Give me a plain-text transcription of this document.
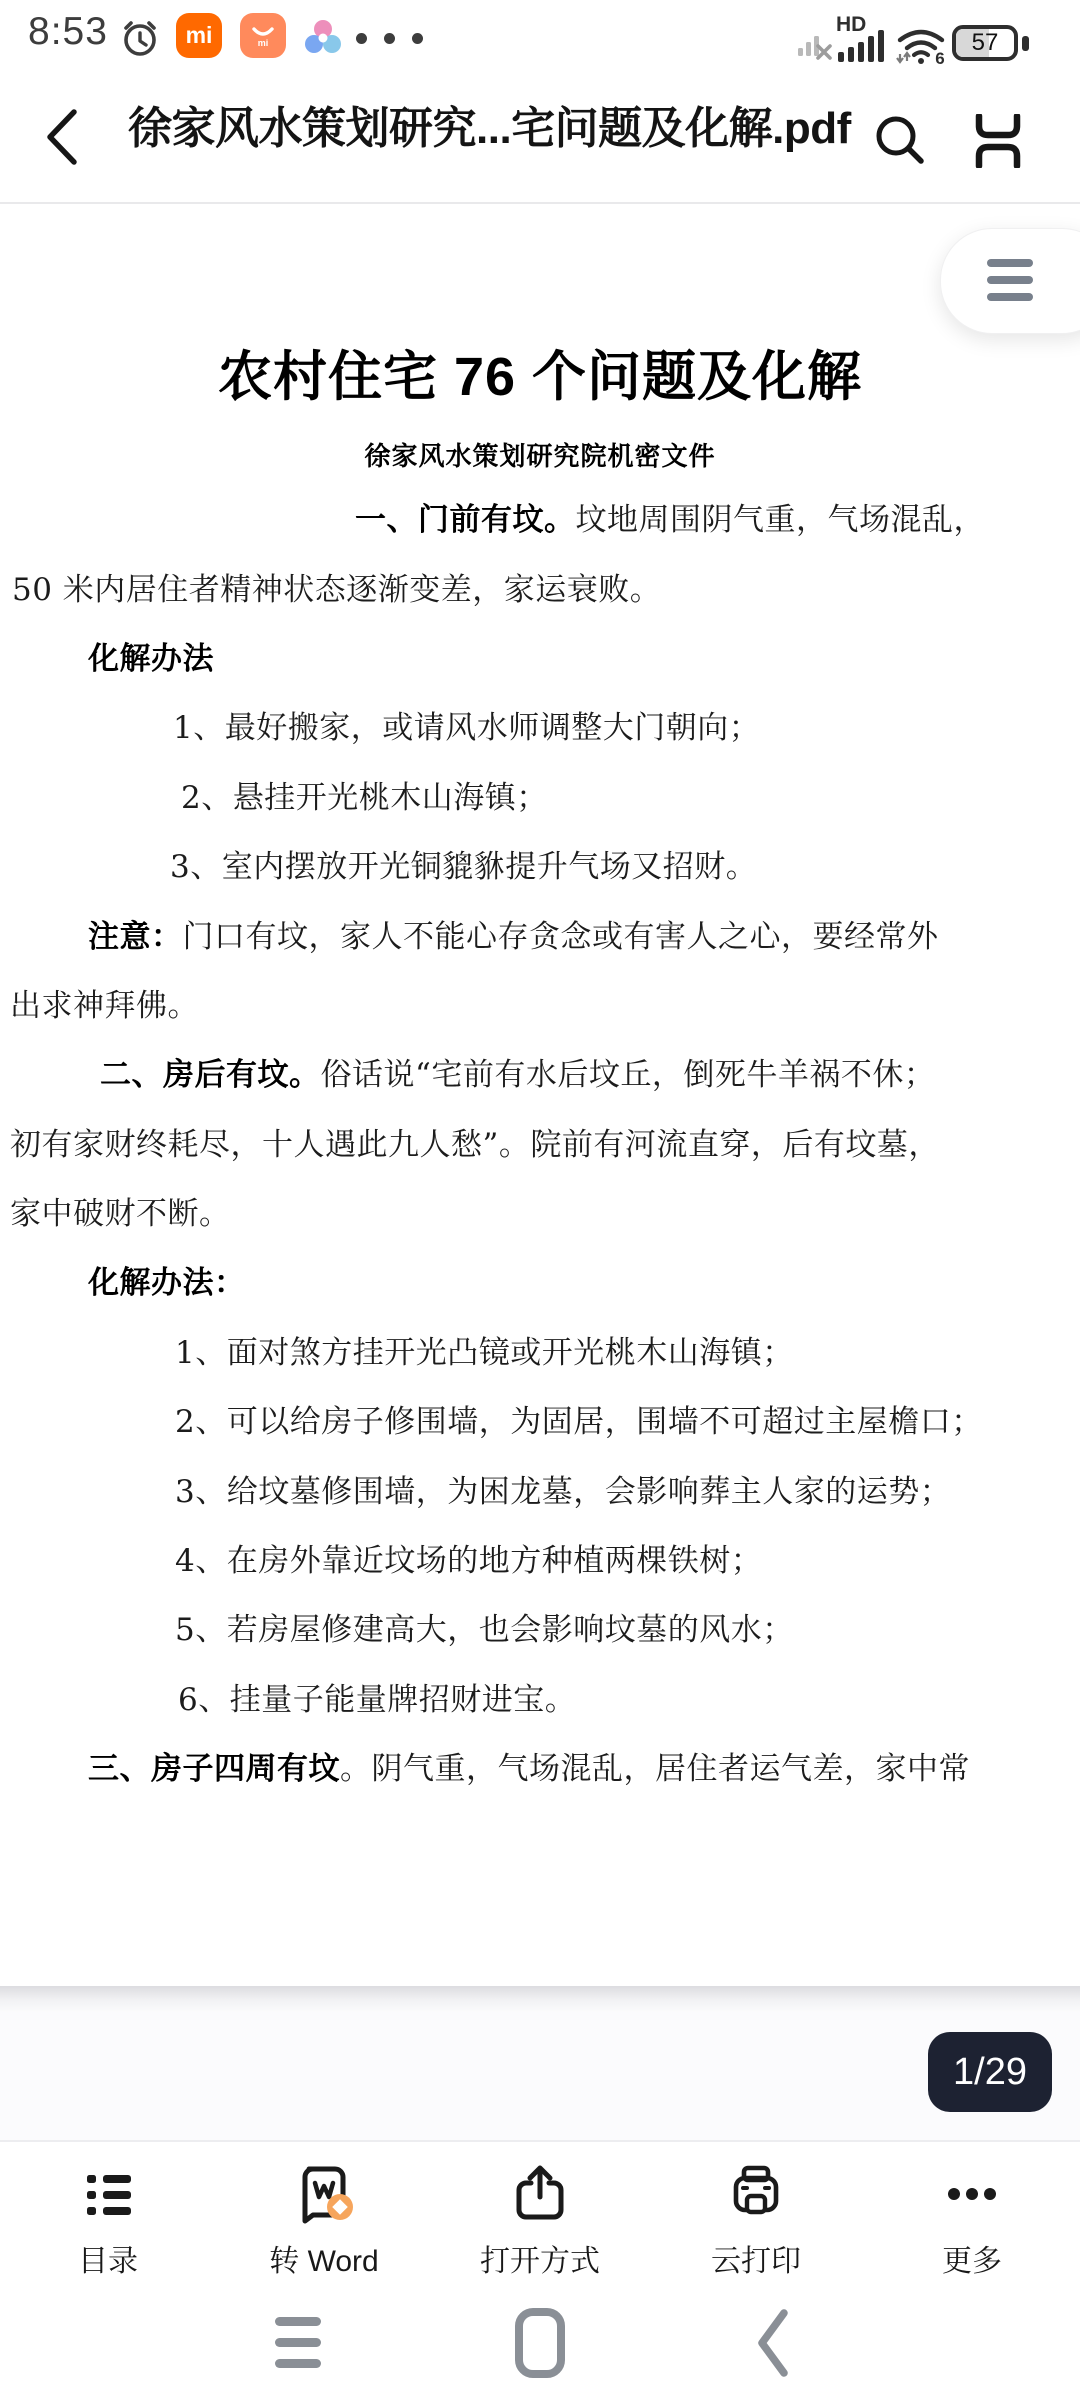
8:53	mi	mi
HD
6
57
徐家风水策划研究...宅问题及化解.pdf
农村住宅 76 个问题及化解
徐家风水策划研究院机密文件
一、门前有坟。 坟地周围阴气重，气场混乱，
50 米内居住者精神状态逐渐变差，家运衰败。
化解办法
1、最好搬家，或请风水师调整大门朝向；
2、悬挂开光桃木山海镇；
3、室内摆放开光铜貔貅提升气场又招财。
注意： 门口有坟，家人不能心存贪念或有害人之心，要经常外
出求神拜佛。
二、房后有坟。 俗话说“宅前有水后坟丘，倒死牛羊祸不休；
初有家财终耗尽，十人遇此九人愁”。院前有河流直穿，后有坟墓，
家中破财不断。
化解办法：
1、面对煞方挂开光凸镜或开光桃木山海镇；
2、可以给房子修围墙，为固居，围墙不可超过主屋檐口；
3、给坟墓修围墙，为困龙墓，会影响葬主人家的运势；
4、在房外靠近坟场的地方种植两棵铁树；
5、若房屋修建高大，也会影响坟墓的风水；
6、挂量子能量牌招财进宝。
三、房子四周有坟 。阴气重，气场混乱，居住者运气差，家中常
1/29
目录	转 Word	打开方式	云打印	更多
